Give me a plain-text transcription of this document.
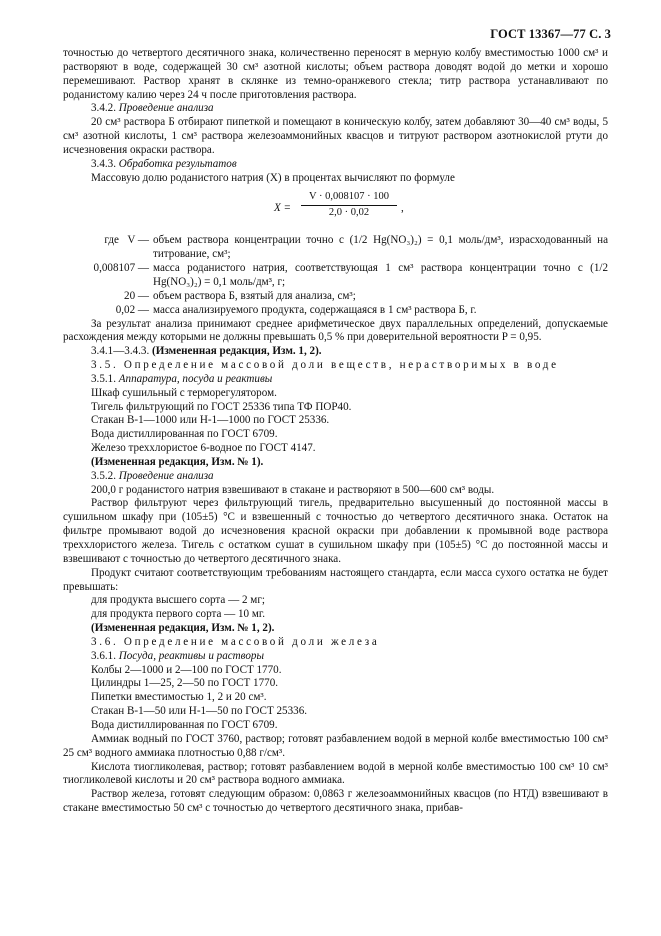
ГОСТ 13367—77 С. 3

точностью до четвертого десятичного знака, количественно переносят в мерную колбу вместимостью 1000 см³ и растворяют в воде, содержащей 30 см³ азотной кислоты; объем раствора доводят водой до метки и хорошо перемешивают. Раствор хранят в склянке из темно-оранжевого стекла; титр раствора устанавливают по роданистому калию через 24 ч после приготовления раствора.

3.4.2. Проведение анализа

20 см³ раствора Б отбирают пипеткой и помещают в коническую колбу, затем добавляют 30—40 см³ воды, 5 см³ азотной кислоты, 1 см³ раствора железоаммонийных квасцов и титруют раствором азотнокислой ртути до исчезновения окраски раствора.

3.4.3. Обработка результатов

Массовую долю роданистого натрия (X) в процентах вычисляют по формуле

$X = \frac{V \cdot 0,008107 \cdot 100}{2,0 \cdot 0,02}$ ,
где V — объем раствора концентрации точно c (1/2 Hg(NO₃)₂) = 0,1 моль/дм³, израсходованный на титрование, см³;
0,008107 — масса роданистого натрия, соответствующая 1 см³ раствора концентрации точно c (1/2 Hg(NO₃)₂) = 0,1 моль/дм³, г;
20 — объем раствора Б, взятый для анализа, см³;
0,02 — масса анализируемого продукта, содержащаяся в 1 см³ раствора Б, г.

За результат анализа принимают среднее арифметическое двух параллельных определений, допускаемые расхождения между которыми не должны превышать 0,5 % при доверительной вероятности P = 0,95.

3.4.1—3.4.3. (Измененная редакция, Изм. 1, 2).

3.5. Определение массовой доли веществ, нерастворимых в воде

3.5.1. Аппаратура, посуда и реактивы

Шкаф сушильный с терморегулятором.

Тигель фильтрующий по ГОСТ 25336 типа ТФ ПОР40.

Стакан В-1—1000 или Н-1—1000 по ГОСТ 25336.

Вода дистиллированная по ГОСТ 6709.

Железо треххлористое 6-водное по ГОСТ 4147.

(Измененная редакция, Изм. № 1).

3.5.2. Проведение анализа

200,0 г роданистого натрия взвешивают в стакане и растворяют в 500—600 см³ воды.

Раствор фильтруют через фильтрующий тигель, предварительно высушенный до постоянной массы в сушильном шкафу при (105±5) °С и взвешенный с точностью до четвертого десятичного знака. Остаток на фильтре промывают водой до исчезновения красной окраски при добавлении к промывной воде раствора треххлористого железа. Тигель с остатком сушат в сушильном шкафу при (105±5) °С до постоянной массы и взвешивают с точностью до четвертого десятичного знака.

Продукт считают соответствующим требованиям настоящего стандарта, если масса сухого остатка не будет превышать:

для продукта высшего сорта — 2 мг;

для продукта первого сорта — 10 мг.

(Измененная редакция, Изм. № 1, 2).

3.6. Определение массовой доли железа

3.6.1. Посуда, реактивы и растворы

Колбы 2—1000 и 2—100 по ГОСТ 1770.

Цилиндры 1—25, 2—50 по ГОСТ 1770.

Пипетки вместимостью 1, 2 и 20 см³.

Стакан В-1—50 или Н-1—50 по ГОСТ 25336.

Вода дистиллированная по ГОСТ 6709.

Аммиак водный по ГОСТ 3760, раствор; готовят разбавлением водой в мерной колбе вместимостью 100 см³ 25 см³ водного аммиака плотностью 0,88 г/см³.

Кислота тиогликолевая, раствор; готовят разбавлением водой в мерной колбе вместимостью 100 см³ 10 см³ тиогликолевой кислоты и 20 см³ раствора водного аммиака.

Раствор железа, готовят следующим образом: 0,0863 г железоаммонийных квасцов (по НТД) взвешивают в стакане вместимостью 50 см³ с точностью до четвертого десятичного знака, прибав-
